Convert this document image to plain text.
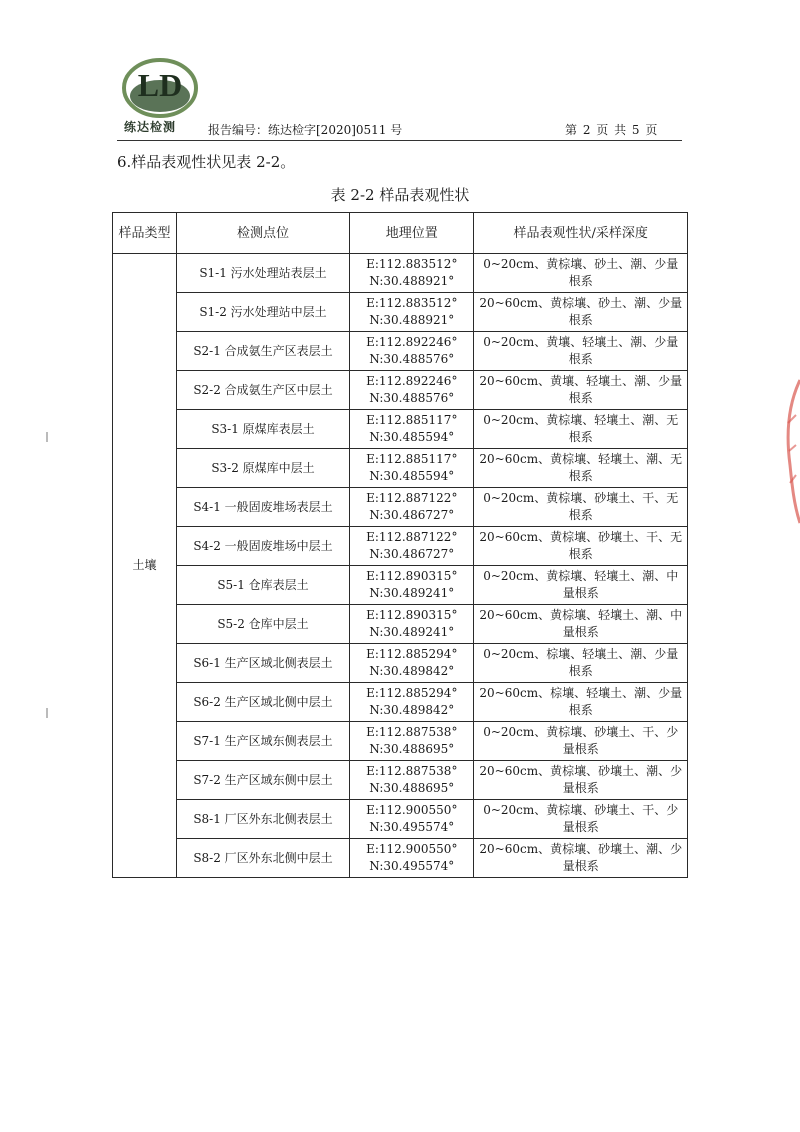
LD
练达检测	报告编号：练达检字[2020]0511 号	第 2 页 共 5 页
6.样品表观性状见表 2-2。
表 2-2 样品表观性状
样品类型	检测点位	地理位置	样品表观性状/采样深度
土壤	S1-1 污水处理站表层土	E:112.883512°
N:30.488921°	0~20cm、黄棕壤、砂土、潮、少量根系
	S1-2 污水处理站中层土	E:112.883512°
N:30.488921°	20~60cm、黄棕壤、砂土、潮、少量根系
	S2-1 合成氨生产区表层土	E:112.892246°
N:30.488576°	0~20cm、黄壤、轻壤土、潮、少量根系
	S2-2 合成氨生产区中层土	E:112.892246°
N:30.488576°	20~60cm、黄壤、轻壤土、潮、少量根系
	S3-1 原煤库表层土	E:112.885117°
N:30.485594°	0~20cm、黄棕壤、轻壤土、潮、无根系
	S3-2 原煤库中层土	E:112.885117°
N:30.485594°	20~60cm、黄棕壤、轻壤土、潮、无根系
	S4-1 一般固废堆场表层土	E:112.887122°
N:30.486727°	0~20cm、黄棕壤、砂壤土、干、无根系
	S4-2 一般固废堆场中层土	E:112.887122°
N:30.486727°	20~60cm、黄棕壤、砂壤土、干、无根系
	S5-1 仓库表层土	E:112.890315°
N:30.489241°	0~20cm、黄棕壤、轻壤土、潮、中量根系
	S5-2 仓库中层土	E:112.890315°
N:30.489241°	20~60cm、黄棕壤、轻壤土、潮、中量根系
	S6-1 生产区域北侧表层土	E:112.885294°
N:30.489842°	0~20cm、棕壤、轻壤土、潮、少量根系
	S6-2 生产区域北侧中层土	E:112.885294°
N:30.489842°	20~60cm、棕壤、轻壤土、潮、少量根系
	S7-1 生产区域东侧表层土	E:112.887538°
N:30.488695°	0~20cm、黄棕壤、砂壤土、干、少量根系
	S7-2 生产区域东侧中层土	E:112.887538°
N:30.488695°	20~60cm、黄棕壤、砂壤土、潮、少量根系
	S8-1 厂区外东北侧表层土	E:112.900550°
N:30.495574°	0~20cm、黄棕壤、砂壤土、干、少量根系
	S8-2 厂区外东北侧中层土	E:112.900550°
N:30.495574°	20~60cm、黄棕壤、砂壤土、潮、少量根系
